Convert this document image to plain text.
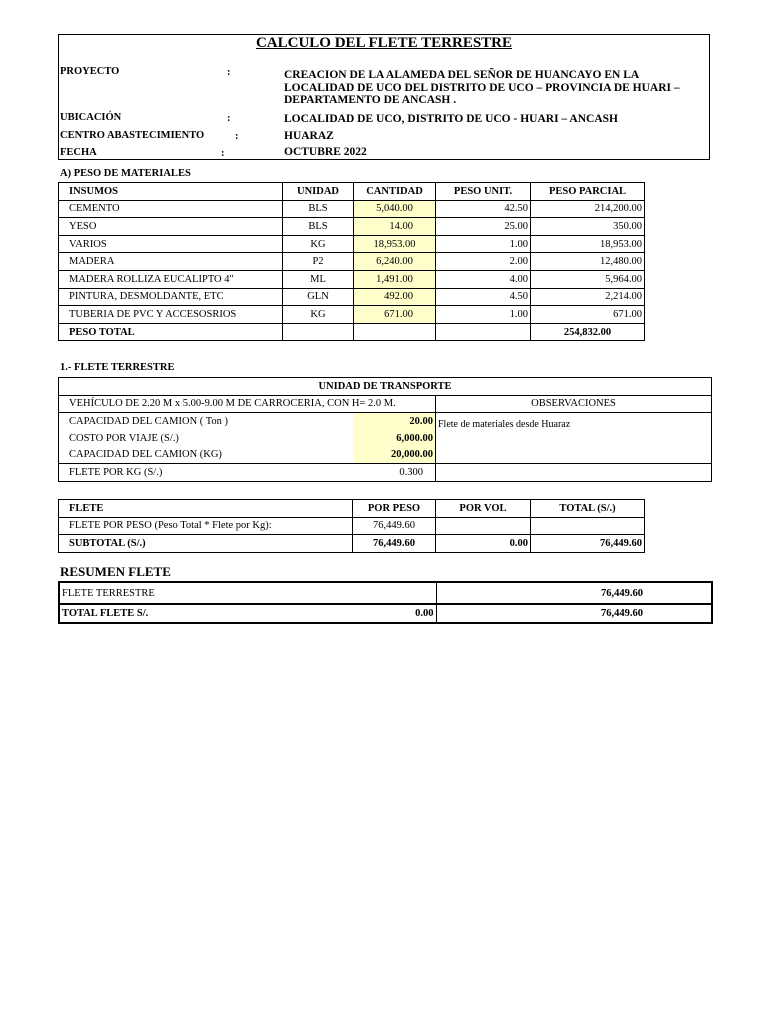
CALCULO DEL FLETE TERRESTRE
PROYECTO	:	CREACION DE LA ALAMEDA DEL SEÑOR DE HUANCAYO EN LA LOCALIDAD DE UCO DEL DISTRITO DE UCO – PROVINCIA DE HUARI – DEPARTAMENTO DE ANCASH .
UBICACIÓN	:	LOCALIDAD DE UCO, DISTRITO DE UCO - HUARI – ANCASH
CENTRO ABASTECIMIENTO	:	HUARAZ
FECHA	:	OCTUBRE 2022
A) PESO DE MATERIALES
INSUMOS	UNIDAD	CANTIDAD	PESO UNIT.	PESO PARCIAL
CEMENTO	BLS	5,040.00	42.50	214,200.00
YESO	BLS	14.00	25.00	350.00
VARIOS	KG	18,953.00	1.00	18,953.00
MADERA	P2	6,240.00	2.00	12,480.00
MADERA ROLLIZA EUCALIPTO 4"	ML	1,491.00	4.00	5,964.00
PINTURA, DESMOLDANTE, ETC	GLN	492.00	4.50	2,214.00
TUBERIA DE PVC Y ACCESOSRIOS	KG	671.00	1.00	671.00
PESO TOTAL				254,832.00
1.- FLETE TERRESTRE
UNIDAD DE TRANSPORTE		
VEHÍCULO DE 2.20 M x 5.00-9.00 M DE CARROCERIA, CON H= 2.0 M.		OBSERVACIONES
CAPACIDAD DEL CAMION ( Ton )	20.00	Flete de materiales desde Huaraz
COSTO POR VIAJE (S/.)	6,000.00	
CAPACIDAD DEL CAMION (KG)	20,000.00	
FLETE POR KG (S/.)	0.300	
FLETE	POR PESO	POR VOL	TOTAL (S/.)
FLETE POR PESO (Peso Total * Flete por Kg):	76,449.60		
SUBTOTAL (S/.)	76,449.60	0.00	76,449.60
RESUMEN FLETE
FLETE TERRESTRE	76,449.60

TOTAL FLETE S/. 0.00	76,449.60
